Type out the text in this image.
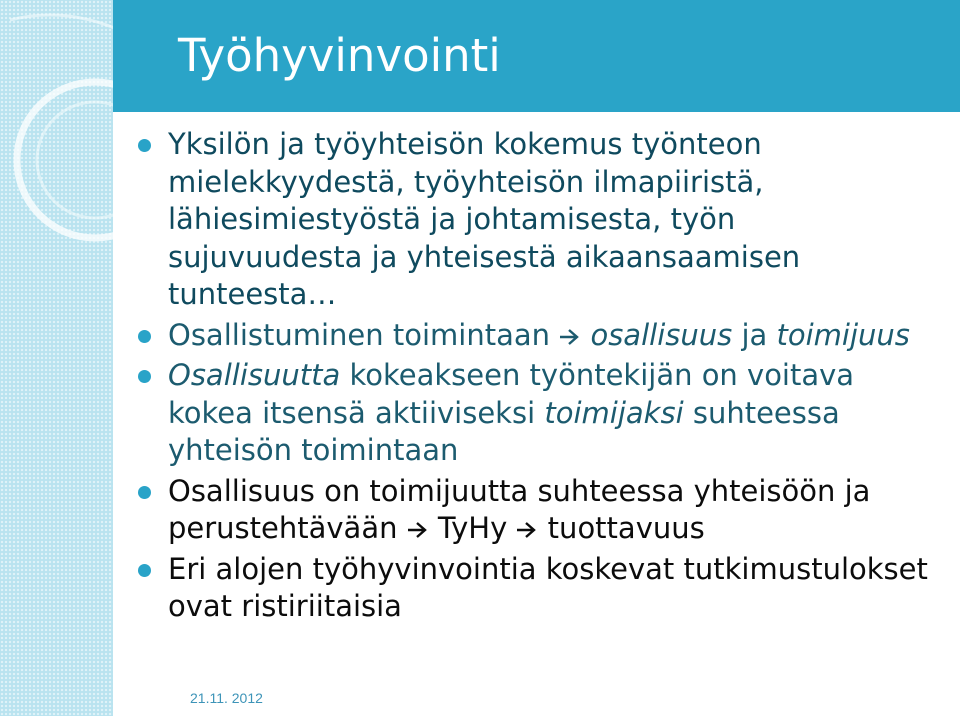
Työhyvinvointi
Yksilön ja työyhteisön kokemus työnteon mielekkyydestä, työyhteisön ilmapiiristä, lähiesimiestyöstä ja johtamisesta, työn sujuvuudesta ja yhteisestä aikaansaamisen tunteesta…
Osallistuminen toimintaan  osallisuus ja toimijuus
Osallisuutta kokeakseen työntekijän on voitava kokea itsensä aktiiviseksi toimijaksi suhteessa yhteisön toimintaan
Osallisuus on toimijuutta suhteessa yhteisöön ja perustehtävään  TyHy  tuottavuus
Eri alojen työhyvinvointia koskevat tutkimustulokset ovat ristiriitaisia
21.11. 2012
